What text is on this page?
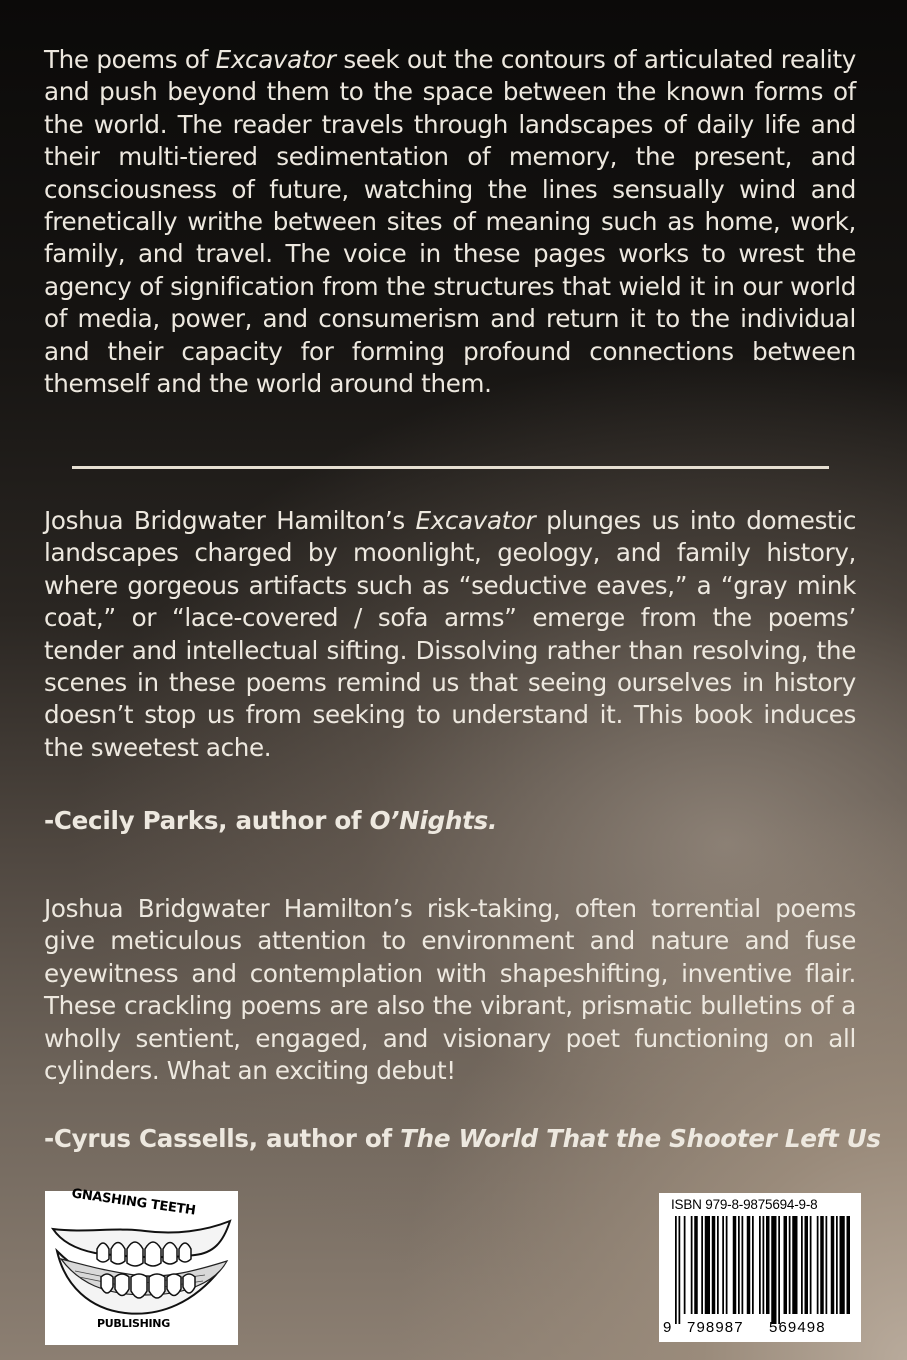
The poems of Excavator seek out the contours of articulated reality and push beyond them to the space between the known forms of the world. The reader travels through landscapes of daily life and their multi-tiered sedimentation of memory, the present, and consciousness of future, watching the lines sensually wind and frenetically writhe between sites of meaning such as home, work, family, and travel. The voice in these pages works to wrest the agency of signification from the structures that wield it in our world of media, power, and consumerism and return it to the individual and their capacity for forming profound connections between themself and the world around them.

Joshua Bridgwater Hamilton’s Excavator plunges us into domestic landscapes charged by moonlight, geology, and family history, where gorgeous artifacts such as “seductive eaves,” a “gray mink coat,” or “lace-covered / sofa arms” emerge from the poems’ tender and intellectual sifting. Dissolving rather than resolving, the scenes in these poems remind us that seeing ourselves in history doesn’t stop us from seeking to understand it. This book induces the sweetest ache.

-Cecily Parks, author of O’Nights.

Joshua Bridgwater Hamilton’s risk-taking, often torrential poems give meticulous attention to environment and nature and fuse eyewitness and contemplation with shapeshifting, inventive flair. These crackling poems are also the vibrant, prismatic bulletins of a wholly sentient, engaged, and visionary poet functioning on all cylinders. What an exciting debut!

-Cyrus Cassells, author of The World That the Shooter Left Us

GNASHING TEETH
PUBLISHING
ISBN 979-8-9875694-9-8
9 798987 569498
